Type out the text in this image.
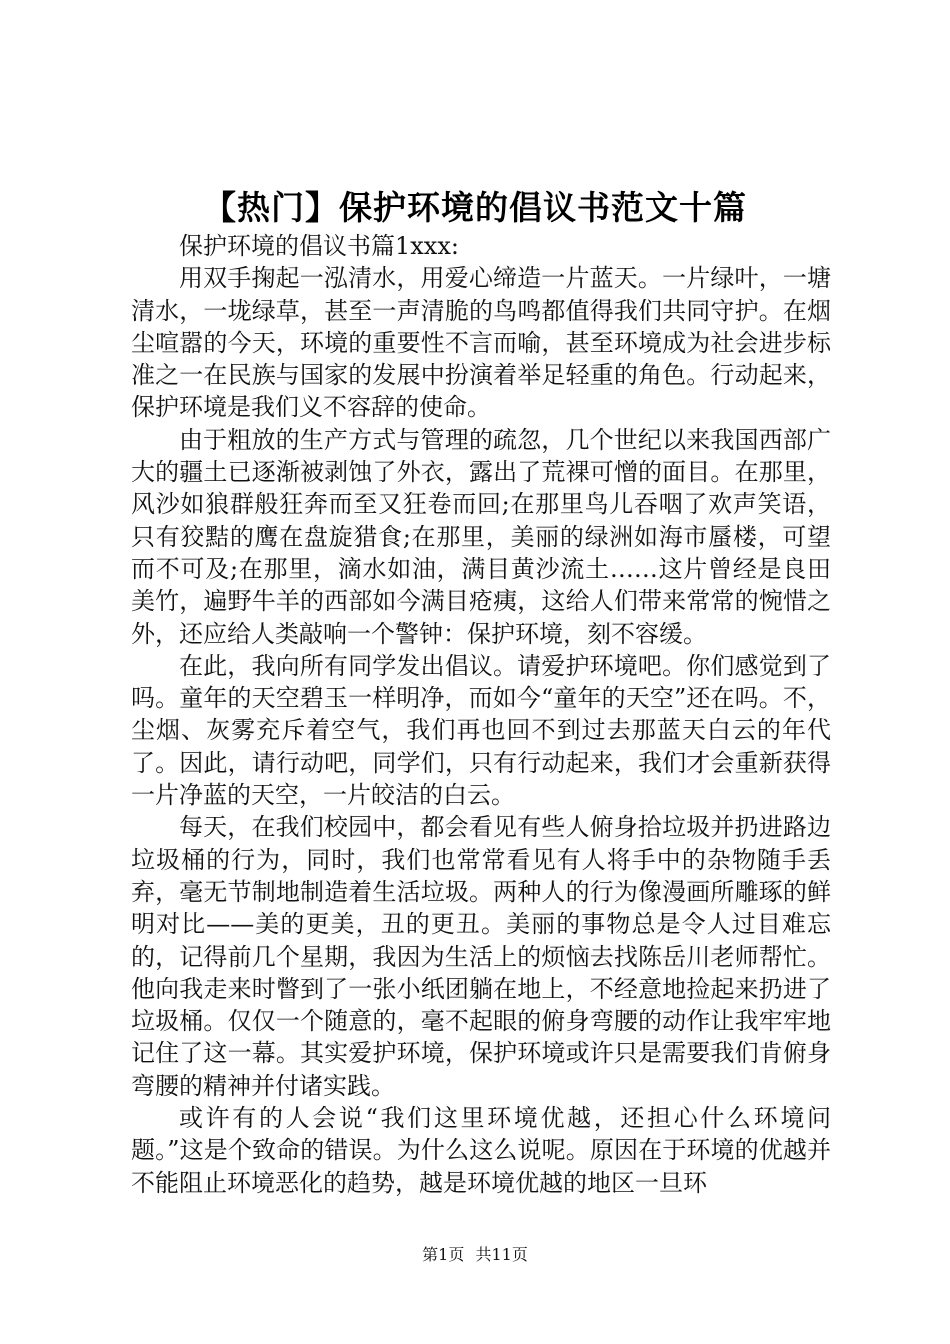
【热门】保护环境的倡议书范文十篇

保护环境的倡议书篇1xxx:

用双手掬起一泓清水，用爱心缔造一片蓝天。一片绿叶，一塘清水，一垅绿草，甚至一声清脆的鸟鸣都值得我们共同守护。在烟尘喧嚣的今天，环境的重要性不言而喻，甚至环境成为社会进步标准之一在民族与国家的发展中扮演着举足轻重的角色。行动起来，保护环境是我们义不容辞的使命。

由于粗放的生产方式与管理的疏忽，几个世纪以来我国西部广大的疆土已逐渐被剥蚀了外衣，露出了荒裸可憎的面目。在那里，风沙如狼群般狂奔而至又狂卷而回;在那里鸟儿吞咽了欢声笑语，只有狡黠的鹰在盘旋猎食;在那里，美丽的绿洲如海市蜃楼，可望而不可及;在那里，滴水如油，满目黄沙流土……这片曾经是良田美竹，遍野牛羊的西部如今满目疮痍，这给人们带来常常的惋惜之外，还应给人类敲响一个警钟：保护环境，刻不容缓。

在此，我向所有同学发出倡议。请爱护环境吧。你们感觉到了吗。童年的天空碧玉一样明净，而如今“童年的天空”还在吗。不，尘烟、灰雾充斥着空气，我们再也回不到过去那蓝天白云的年代了。因此，请行动吧，同学们，只有行动起来，我们才会重新获得一片净蓝的天空，一片皎洁的白云。

每天，在我们校园中，都会看见有些人俯身拾垃圾并扔进路边垃圾桶的行为，同时，我们也常常看见有人将手中的杂物随手丢弃，毫无节制地制造着生活垃圾。两种人的行为像漫画所雕琢的鲜明对比——美的更美，丑的更丑。美丽的事物总是令人过目难忘的，记得前几个星期，我因为生活上的烦恼去找陈岳川老师帮忙。他向我走来时瞥到了一张小纸团躺在地上，不经意地捡起来扔进了垃圾桶。仅仅一个随意的，毫不起眼的俯身弯腰的动作让我牢牢地记住了这一幕。其实爱护环境，保护环境或许只是需要我们肯俯身弯腰的精神并付诸实践。

或许有的人会说“我们这里环境优越，还担心什么环境问题。”这是个致命的错误。为什么这么说呢。原因在于环境的优越并不能阻止环境恶化的趋势，越是环境优越的地区一旦环

第1页 共11页
